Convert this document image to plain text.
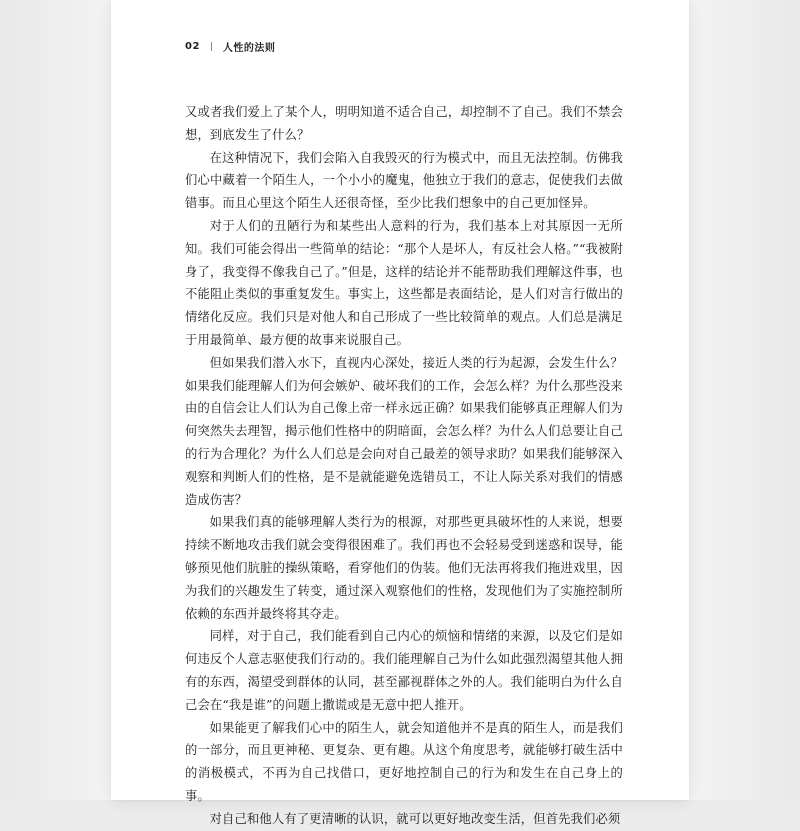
02 人性的法则

又或者我们爱上了某个人，明明知道不适合自己，却控制不了自己。我们不禁会想，到底发生了什么？

在这种情况下，我们会陷入自我毁灭的行为模式中，而且无法控制。仿佛我们心中藏着一个陌生人，一个小小的魔鬼，他独立于我们的意志，促使我们去做错事。而且心里这个陌生人还很奇怪，至少比我们想象中的自己更加怪异。

对于人们的丑陋行为和某些出人意料的行为，我们基本上对其原因一无所知。我们可能会得出一些简单的结论：“那个人是坏人，有反社会人格。”“我被附身了，我变得不像我自己了。”但是，这样的结论并不能帮助我们理解这件事，也不能阻止类似的事重复发生。事实上，这些都是表面结论，是人们对言行做出的情绪化反应。我们只是对他人和自己形成了一些比较简单的观点。人们总是满足于用最简单、最方便的故事来说服自己。

但如果我们潜入水下，直视内心深处，接近人类的行为起源，会发生什么？如果我们能理解人们为何会嫉妒、破坏我们的工作，会怎么样？为什么那些没来由的自信会让人们认为自己像上帝一样永远正确？如果我们能够真正理解人们为何突然失去理智，揭示他们性格中的阴暗面，会怎么样？为什么人们总要让自己的行为合理化？为什么人们总是会向对自己最差的领导求助？如果我们能够深入观察和判断人们的性格，是不是就能避免选错员工，不让人际关系对我们的情感造成伤害？

如果我们真的能够理解人类行为的根源，对那些更具破坏性的人来说，想要持续不断地攻击我们就会变得很困难了。我们再也不会轻易受到迷惑和误导，能够预见他们肮脏的操纵策略，看穿他们的伪装。他们无法再将我们拖进戏里，因为我们的兴趣发生了转变，通过深入观察他们的性格，发现他们为了实施控制所依赖的东西并最终将其夺走。

同样，对于自己，我们能看到自己内心的烦恼和情绪的来源，以及它们是如何违反个人意志驱使我们行动的。我们能理解自己为什么如此强烈渴望其他人拥有的东西，渴望受到群体的认同，甚至鄙视群体之外的人。我们能明白为什么自己会在“我是谁”的问题上撒谎或是无意中把人推开。

如果能更了解我们心中的陌生人，就会知道他并不是真的陌生人，而是我们的一部分，而且更神秘、更复杂、更有趣。从这个角度思考，就能够打破生活中的消极模式，不再为自己找借口，更好地控制自己的行为和发生在自己身上的事。

对自己和他人有了更清晰的认识，就可以更好地改变生活，但首先我们必须
